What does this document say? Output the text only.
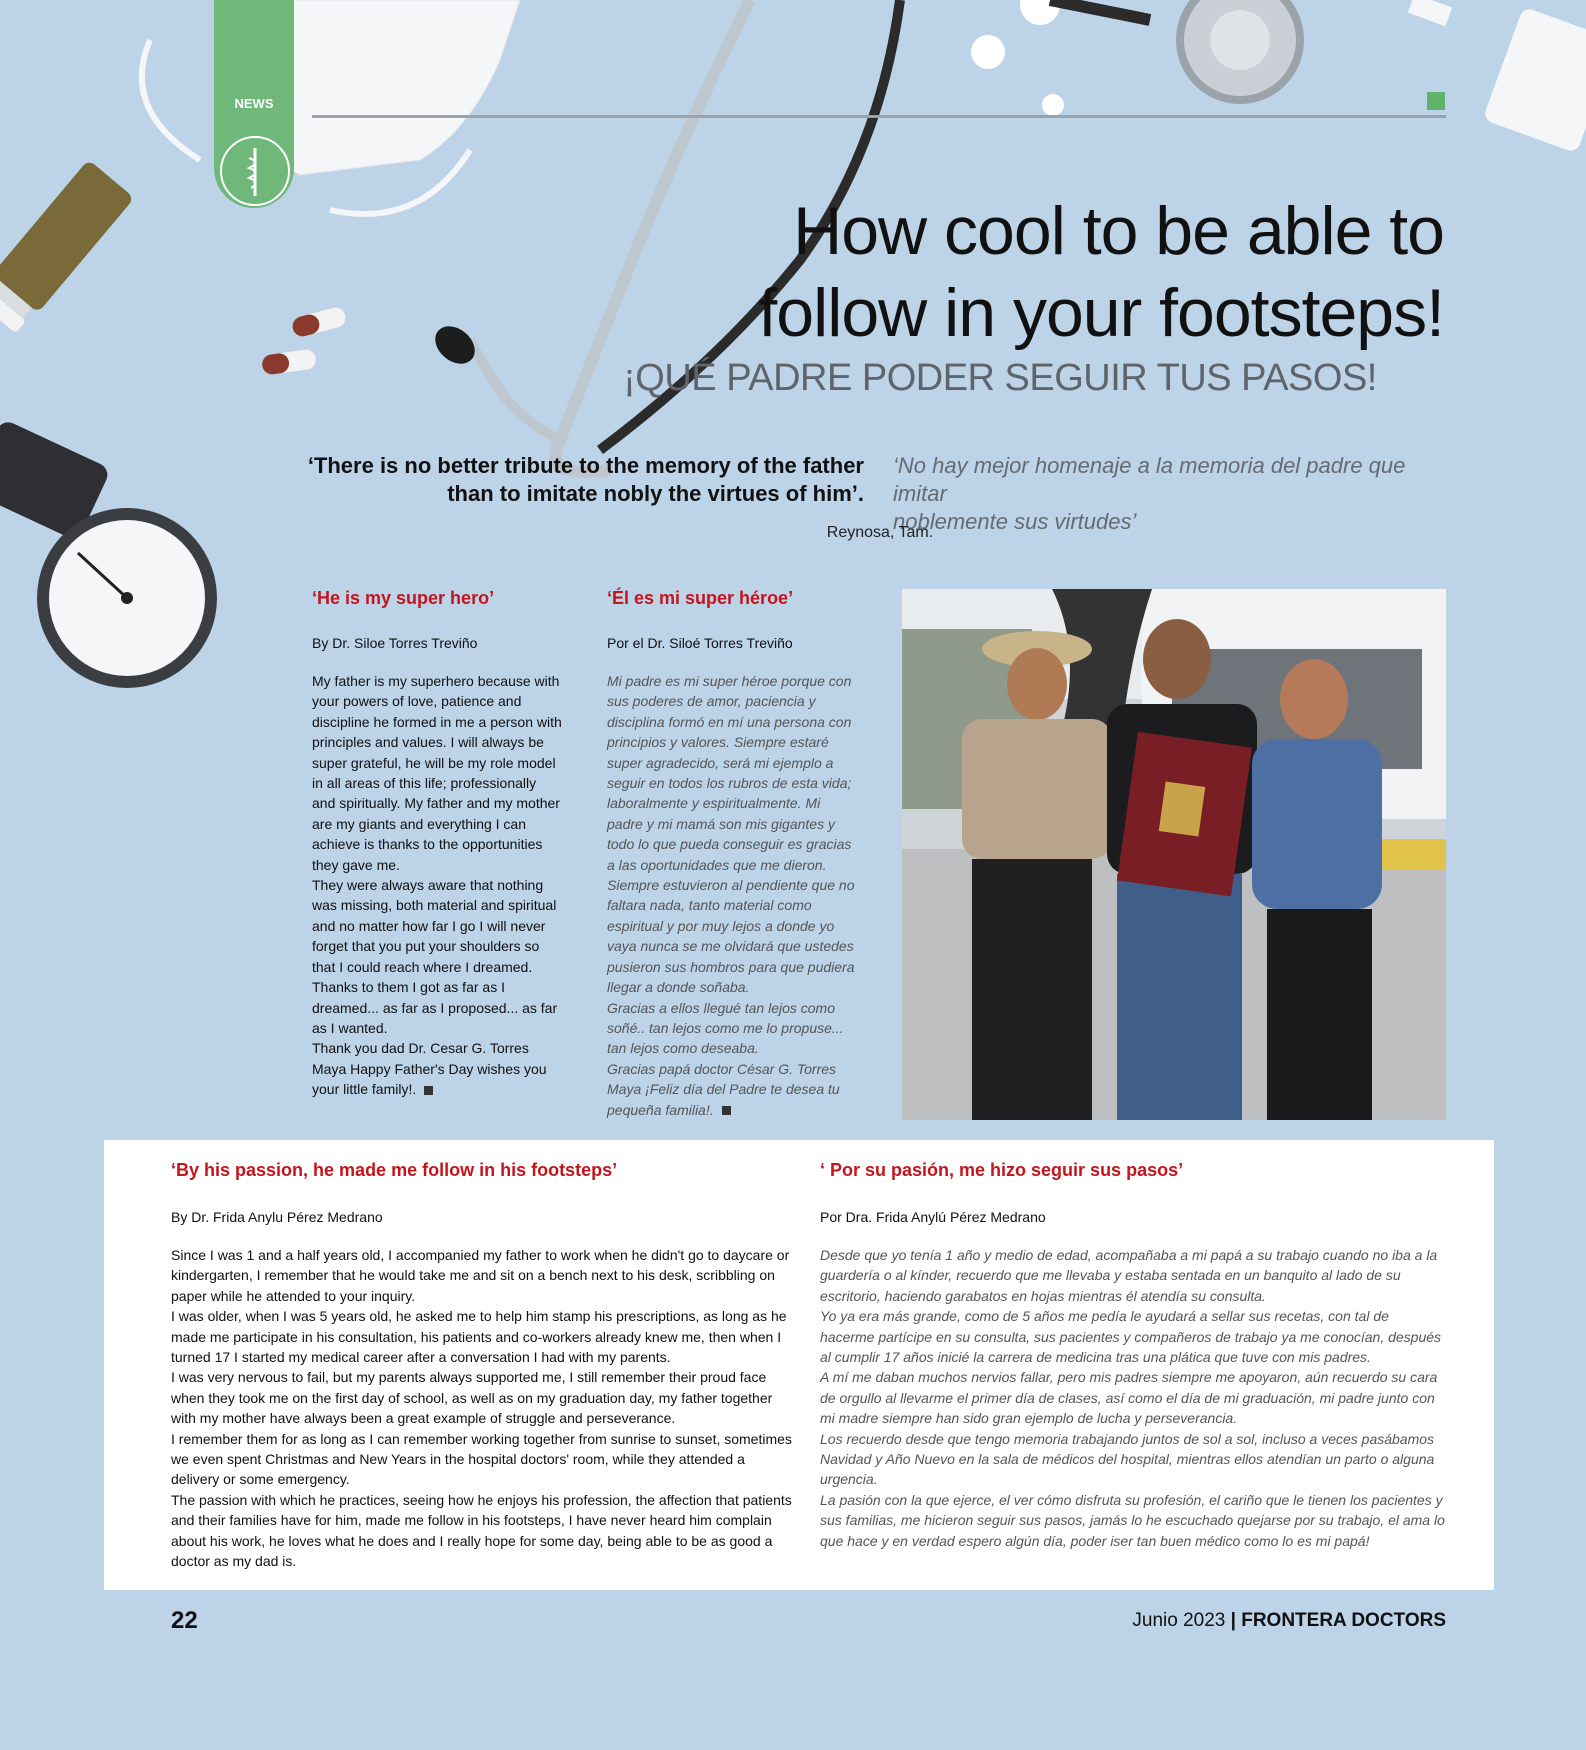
NEWS
How cool to be able to
follow in your footsteps!
¡QUÉ PADRE PODER SEGUIR TUS PASOS!
‘There is no better tribute to the memory of the father
than to imitate nobly the virtues of him’.
‘No hay mejor homenaje a la memoria del padre que imitar
noblemente sus virtudes’
Reynosa, Tam.
‘He is my super hero’
By Dr. Siloe Torres Treviño

My father is my superhero because with your powers of love, patience and discipline he formed in me a person with principles and values. I will always be super grateful, he will be my role model in all areas of this life; professionally and spiritually. My father and my mother are my giants and everything I can achieve is thanks to the opportunities they gave me.

They were always aware that nothing was missing, both material and spiritual and no matter how far I go I will never forget that you put your shoulders so that I could reach where I dreamed.

Thanks to them I got as far as I dreamed... as far as I proposed... as far as I wanted.

Thank you dad Dr. Cesar G. Torres Maya Happy Father's Day wishes you your little family!.

‘Él es mi super héroe’
Por el Dr. Siloé Torres Treviño

Mi padre es mi super héroe porque con sus poderes de amor, paciencia y disciplina formó en mí una persona con principios y valores. Siempre estaré super agradecido, será mi ejemplo a seguir en todos los rubros de esta vida; laboralmente y espiritualmente. Mi padre y mi mamá son mis gigantes y todo lo que pueda conseguir es gracias a las oportunidades que me dieron.

Siempre estuvieron al pendiente que no faltara nada, tanto material como espiritual y por muy lejos a donde yo vaya nunca se me olvidará que ustedes pusieron sus hombros para que pudiera llegar a donde soñaba.

Gracias a ellos llegué tan lejos como soñé.. tan lejos como me lo propuse... tan lejos como deseaba.

Gracias papá doctor César G. Torres Maya ¡Feliz día del Padre te desea tu pequeña familia!.

‘By his passion, he made me follow in his footsteps’
By Dr. Frida Anylu Pérez Medrano

Since I was 1 and a half years old, I accompanied my father to work when he didn't go to daycare or kindergarten, I remember that he would take me and sit on a bench next to his desk, scribbling on paper while he attended to your inquiry.

I was older, when I was 5 years old, he asked me to help him stamp his prescriptions, as long as he made me participate in his consultation, his patients and co-workers already knew me, then when I turned 17 I started my medical career after a conversation I had with my parents.

I was very nervous to fail, but my parents always supported me, I still remember their proud face when they took me on the first day of school, as well as on my graduation day, my father together with my mother have always been a great example of struggle and perseverance.

I remember them for as long as I can remember working together from sunrise to sunset, sometimes we even spent Christmas and New Years in the hospital doctors' room, while they attended a delivery or some emergency.

The passion with which he practices, seeing how he enjoys his profession, the affection that patients and their families have for him, made me follow in his footsteps, I have never heard him complain about his work, he loves what he does and I really hope for some day, being able to be as good a doctor as my dad is.

‘ Por su pasión, me hizo seguir sus pasos’
Por Dra. Frida Anylú Pérez Medrano

Desde que yo tenía 1 año y medio de edad, acompañaba a mi papá a su trabajo cuando no iba a la guardería o al kínder, recuerdo que me llevaba y estaba sentada en un banquito al lado de su escritorio, haciendo garabatos en hojas mientras él atendía su consulta.

Yo ya era más grande, como de 5 años me pedía le ayudará a sellar sus recetas, con tal de hacerme partícipe en su consulta, sus pacientes y compañeros de trabajo ya me conocían, después al cumplir 17 años inicié la carrera de medicina tras una plática que tuve con mis padres.

A mí me daban muchos nervios fallar, pero mis padres siempre me apoyaron, aún recuerdo su cara de orgullo al llevarme el primer día de clases, así como el día de mi graduación, mi padre junto con mi madre siempre han sido gran ejemplo de lucha y perseverancia.

Los recuerdo desde que tengo memoria trabajando juntos de sol a sol, incluso a veces pasábamos Navidad y Año Nuevo en la sala de médicos del hospital, mientras ellos atendían un parto o alguna urgencia.

La pasión con la que ejerce, el ver cómo disfruta su profesión, el cariño que le tienen los pacientes y sus familias, me hicieron seguir sus pasos, jamás lo he escuchado quejarse por su trabajo, el ama lo que hace y en verdad espero algún día, poder iser tan buen médico como lo es mi papá!

22	Junio 2023 | FRONTERA DOCTORS
